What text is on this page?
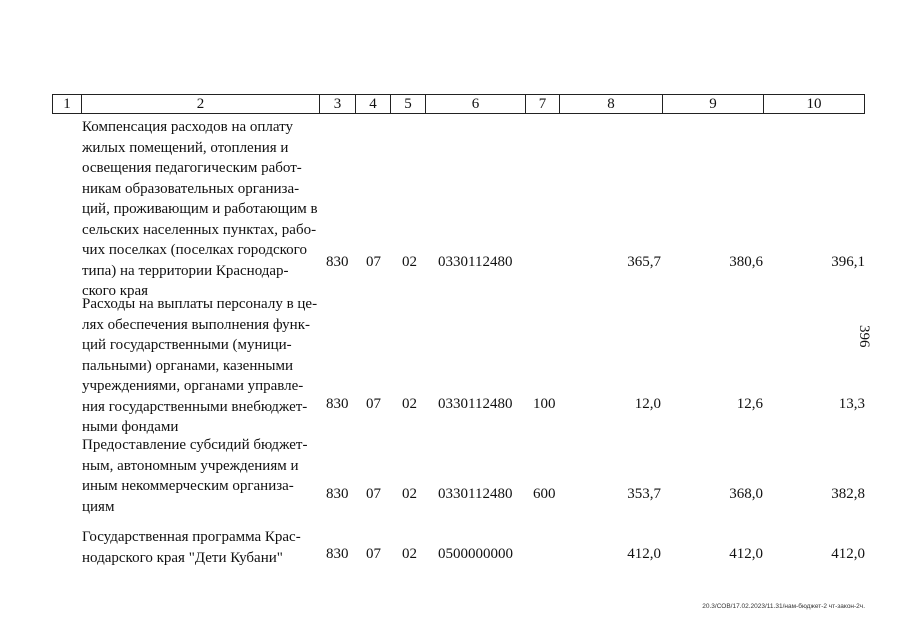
1	2	3	4	5	6	7	8	9	10
Компенсация расходов на оплату
жилых помещений, отопления и
освещения педагогическим работ-
никам образовательных организа-
ций, проживающим и работающим в
сельских населенных пунктах, рабо-
чих поселках (поселках городского
типа) на территории Краснодар-
ского края
830 07 02 0330112480	365,7	380,6	396,1
Расходы на выплаты персоналу в це-
лях обеспечения выполнения функ-
ций государственными (муници-
пальными) органами, казенными
учреждениями, органами управле-
ния государственными внебюджет-
ными фондами
830 07 02 0330112480 100	12,0	12,6	13,3
Предоставление субсидий бюджет-
ным, автономным учреждениям и
иным некоммерческим организа-
циям
830 07 02 0330112480 600	353,7	368,0	382,8
Государственная программа Крас-
нодарского края "Дети Кубани"	830 07 02 0500000000	412,0	412,0	412,0
396
20.3/СОВ/17.02.2023/11.31/нам-бюджет-2 чт-закон-2ч.
